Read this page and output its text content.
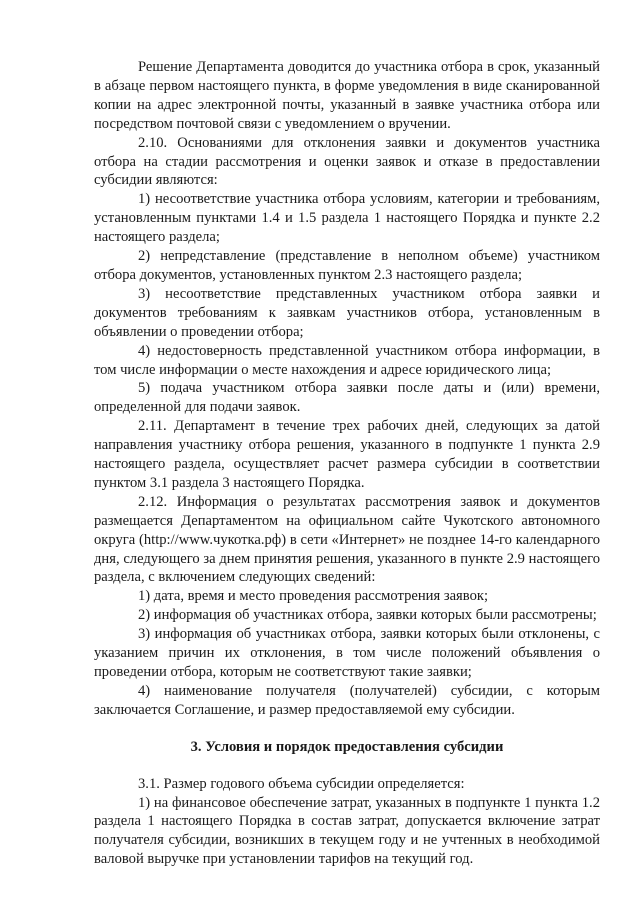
Решение Департамента доводится до участника отбора в срок, указанный в абзаце первом настоящего пункта, в форме уведомления в виде сканированной копии на адрес электронной почты, указанный в заявке участника отбора или посредством почтовой связи с уведомлением о вручении.

2.10. Основаниями для отклонения заявки и документов участника отбора на стадии рассмотрения и оценки заявок и отказе в предоставлении субсидии являются:

1) несоответствие участника отбора условиям, категории и требованиям, установленным пунктами 1.4 и 1.5 раздела 1 настоящего Порядка и пункте 2.2 настоящего раздела;

2) непредставление (представление в неполном объеме) участником отбора документов, установленных пунктом 2.3 настоящего раздела;

3) несоответствие представленных участником отбора заявки и документов требованиям к заявкам участников отбора, установленным в объявлении о проведении отбора;

4) недостоверность представленной участником отбора информации, в том числе информации о месте нахождения и адресе юридического лица;

5) подача участником отбора заявки после даты и (или) времени, определенной для подачи заявок.

2.11. Департамент в течение трех рабочих дней, следующих за датой направления участнику отбора решения, указанного в подпункте 1 пункта 2.9 настоящего раздела, осуществляет расчет размера субсидии в соответствии пунктом 3.1 раздела 3 настоящего Порядка.

2.12. Информация о результатах рассмотрения заявок и документов размещается Департаментом на официальном сайте Чукотского автономного округа (http://www.чукотка.рф) в сети «Интернет» не позднее 14-го календарного дня, следующего за днем принятия решения, указанного в пункте 2.9 настоящего раздела, с включением следующих сведений:

1) дата, время и место проведения рассмотрения заявок;

2) информация об участниках отбора, заявки которых были рассмотрены;

3) информация об участниках отбора, заявки которых были отклонены, с указанием причин их отклонения, в том числе положений объявления о проведении отбора, которым не соответствуют такие заявки;

4) наименование получателя (получателей) субсидии, с которым заключается Соглашение, и размер предоставляемой ему субсидии.

3. Условия и порядок предоставления субсидии

3.1. Размер годового объема субсидии определяется:

1) на финансовое обеспечение затрат, указанных в подпункте 1 пункта 1.2 раздела 1 настоящего Порядка в состав затрат, допускается включение затрат получателя субсидии, возникших в текущем году и не учтенных в необходимой валовой выручке при установлении тарифов на текущий год.
